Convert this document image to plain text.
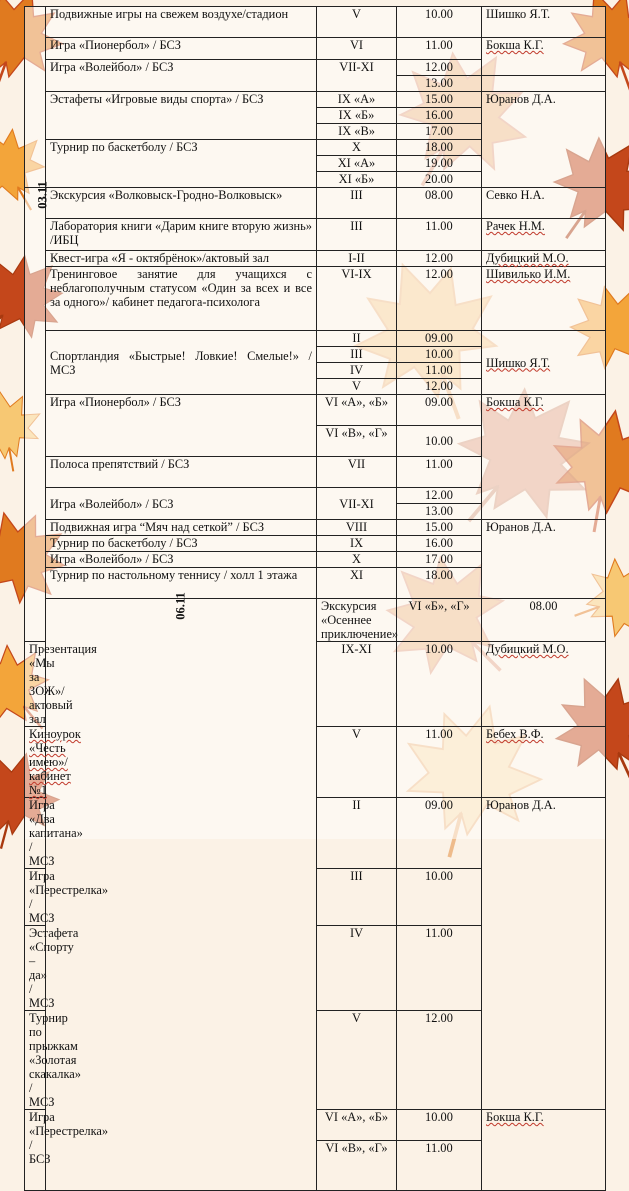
	Подвижные игры на свежем воздухе/стадион	V	10.00	Шишко Я.Т.	
	Игра «Пионербол» / БСЗ	VI	11.00	Бокша К.Г.	
	Игра «Волейбол» / БСЗ	VII-XI	12.00		
			13.00		
	Эстафеты «Игровые виды спорта» / БСЗ	IX «А»	15.00	Юранов Д.А.	
		IX «Б»	16.00		
		IX «В»	17.00		
	Турнир по баскетболу / БСЗ	X	18.00		
		XI «А»	19.00		
		XI «Б»	20.00		
03.11	Экскурсия «Волковыск-Гродно-Волковыск»	III	08.00	Севко Н.А.	
	Лаборатория книги «Дарим книге вторую жизнь» /ИБЦ	III	11.00	Рачек Н.М.	
	Квест-игра «Я - октябрёнок»/актовый зал	I-II	12.00	Дубицкий М.О.	
	Тренинговое занятие для учащихся с неблагополучным статусом «Один за всех и все за одного»/ кабинет педагога-психолога	VI-IX	12.00	Шивилько И.М.	
	Спортландия «Быстрые! Ловкие! Смелые!» / МСЗ	II	09.00	Шишко Я.Т.	
		III	10.00		
		IV	11.00		
		V	12.00		
	Игра «Пионербол» / БСЗ	VI «А», «Б»	09.00	Бокша К.Г.	
		VI «В», «Г»	10.00		
	Полоса препятствий / БСЗ	VII	11.00		
	Игра «Волейбол» / БСЗ	VII-XI	12.00		
			13.00		
	Подвижная игра “Мяч над сеткой” / БСЗ	VIII	15.00	Юранов Д.А.	
	Турнир по баскетболу / БСЗ	IX	16.00		
	Игра «Волейбол» / БСЗ	X	17.00		
	Турнир по настольному теннису / холл 1 этажа	XI	18.00		
	06.11	Экскурсия «Осеннее приключение»	VI «Б», «Г»	08.00	
Презентация «Мы за ЗОЖ»/актовый зал		IX-XI	10.00	Дубицкий М.О.	
Киноурок «Честь имею»/кабинет №1		V	11.00	Бебех В.Ф.	
Игра «Два капитана» / МСЗ		II	09.00	Юранов Д.А.	
Игра «Перестрелка» / МСЗ		III	10.00		
Эстафета «Спорту – да» / МСЗ		IV	11.00		
Турнир по прыжкам «Золотая скакалка» / МСЗ		V	12.00		
Игра «Перестрелка» / БСЗ		VI «А», «Б»	10.00	Бокша К.Г.	
		VI «В», «Г»	11.00		
